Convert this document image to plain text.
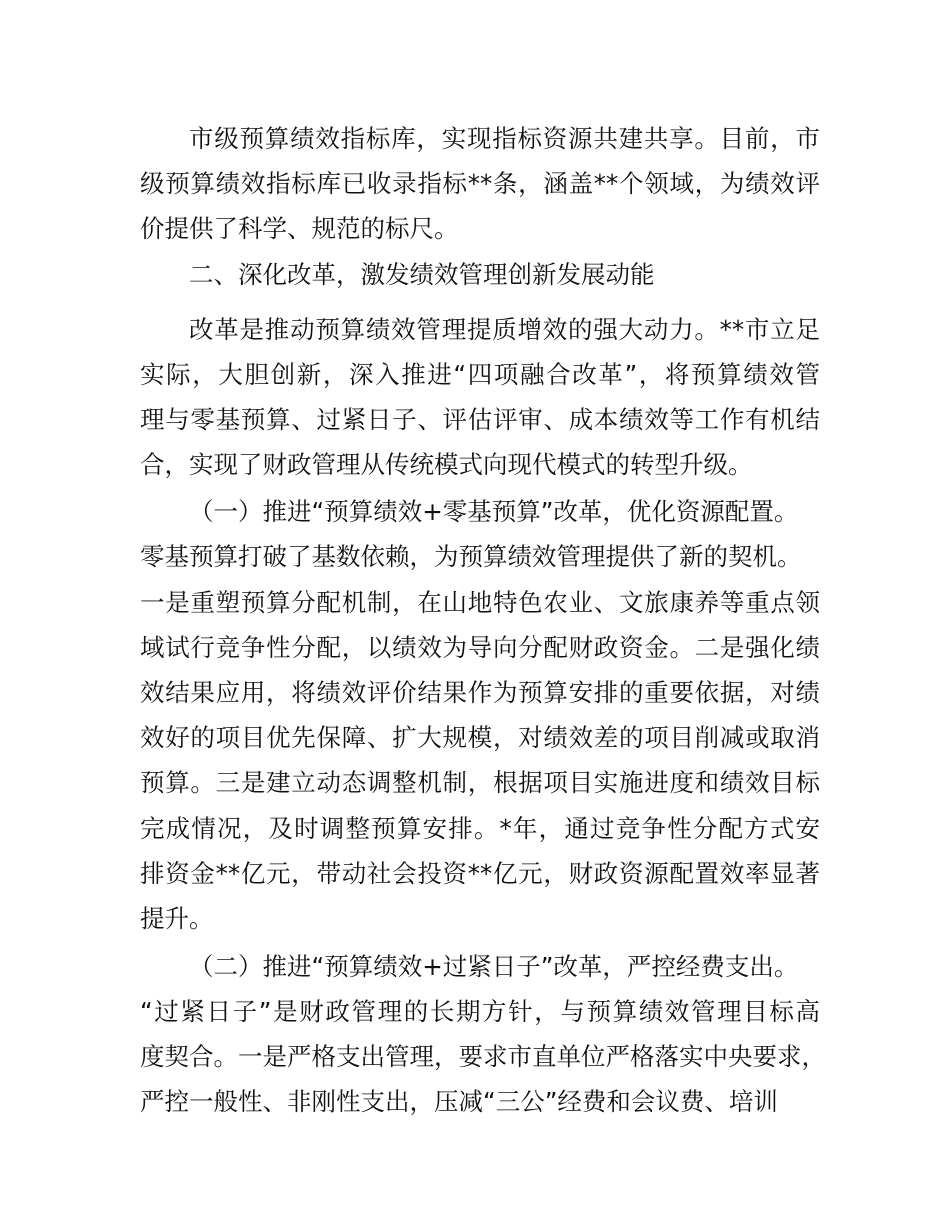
市级预算绩效指标库，实现指标资源共建共享。目前，市
级预算绩效指标库已收录指标**条，涵盖**个领域，为绩效评
价提供了科学、规范的标尺。
二、深化改革，激发绩效管理创新发展动能
改革是推动预算绩效管理提质增效的强大动力。**市立足
实际，大胆创新，深入推进“四项融合改革”，将预算绩效管
理与零基预算、过紧日子、评估评审、成本绩效等工作有机结
合，实现了财政管理从传统模式向现代模式的转型升级。
（一）推进“预算绩效+零基预算”改革，优化资源配置。
零基预算打破了基数依赖，为预算绩效管理提供了新的契机。
一是重塑预算分配机制，在山地特色农业、文旅康养等重点领
域试行竞争性分配，以绩效为导向分配财政资金。二是强化绩
效结果应用，将绩效评价结果作为预算安排的重要依据，对绩
效好的项目优先保障、扩大规模，对绩效差的项目削减或取消
预算。三是建立动态调整机制，根据项目实施进度和绩效目标
完成情况，及时调整预算安排。*年，通过竞争性分配方式安
排资金**亿元，带动社会投资**亿元，财政资源配置效率显著
提升。
（二）推进“预算绩效+过紧日子”改革，严控经费支出。
“过紧日子”是财政管理的长期方针，与预算绩效管理目标高
度契合。一是严格支出管理，要求市直单位严格落实中央要求，
严控一般性、非刚性支出，压减“三公”经费和会议费、培训
